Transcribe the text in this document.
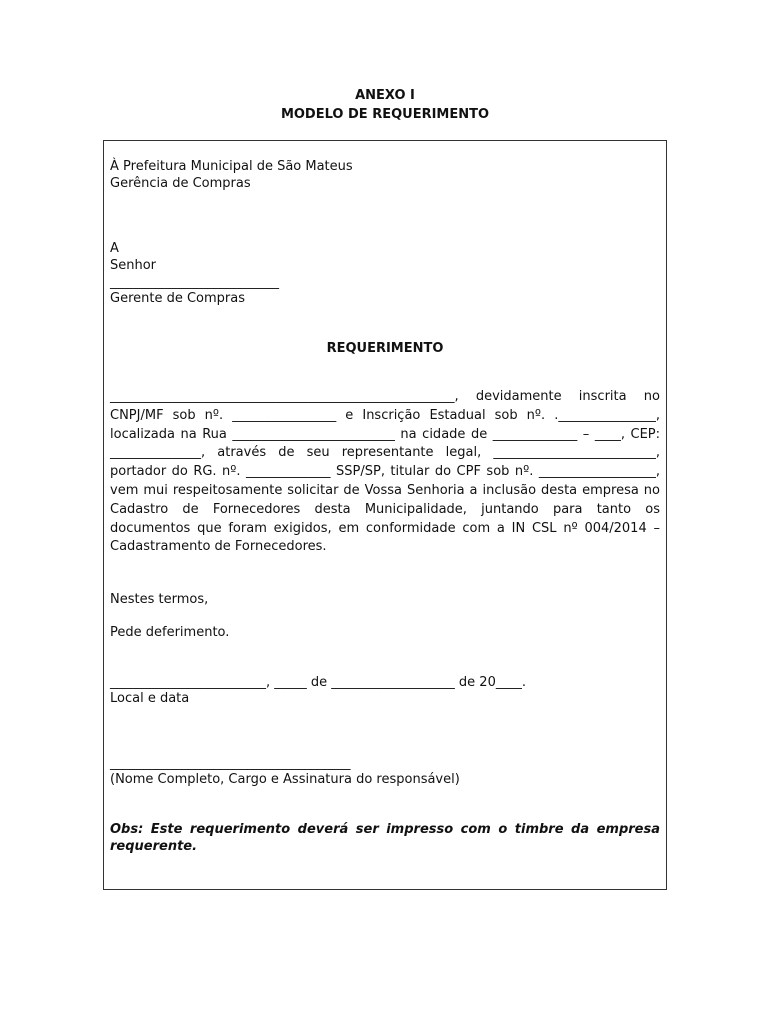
ANEXO I
MODELO DE REQUERIMENTO
À Prefeitura Municipal de São Mateus
Gerência de Compras
A
Senhor
__________________________
Gerente de Compras
REQUERIMENTO
_____________________________________________________, devidamente inscrita no CNPJ/MF sob nº. ________________ e Inscrição Estadual sob nº. ._______________, localizada na Rua _________________________ na cidade de _____________ – ____, CEP: ______________, através de seu representante legal, _________________________, portador do RG. nº. _____________ SSP/SP, titular do CPF sob nº. __________________, vem mui respeitosamente solicitar de Vossa Senhoria a inclusão desta empresa no Cadastro de Fornecedores desta Municipalidade, juntando para tanto os documentos que foram exigidos, em conformidade com a IN CSL nº 004/2014 – Cadastramento de Fornecedores.
Nestes termos,
Pede deferimento.
________________________, _____ de ___________________ de 20____.
Local e data
_____________________________________
(Nome Completo, Cargo e Assinatura do responsável)
Obs: Este requerimento deverá ser impresso com o timbre da empresa requerente.
